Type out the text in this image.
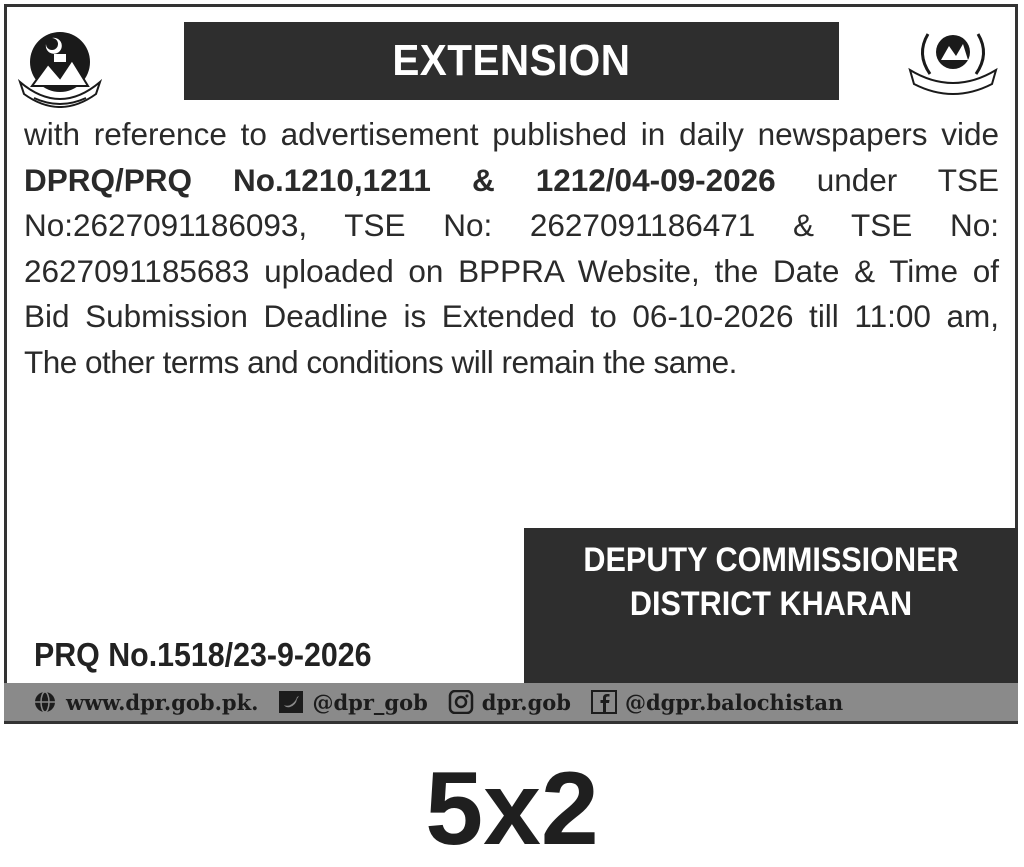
EXTENSION
with reference to advertisement published in daily newspapers vide
DPRQ/PRQ No.1210,1211 & 1212/04-09-2026 under TSE
No:2627091186093, TSE No: 2627091186471 & TSE No:
2627091185683 uploaded on BPPRA Website, the Date & Time of
Bid Submission Deadline is Extended to 06-10-2026 till 11:00 am,
The other terms and conditions will remain the same.
DEPUTY COMMISSIONER
DISTRICT KHARAN
PRQ No.1518/23-9-2026
www.dpr.gob.pk.	@dpr_gob	dpr.gob	@dgpr.balochistan
5x2
